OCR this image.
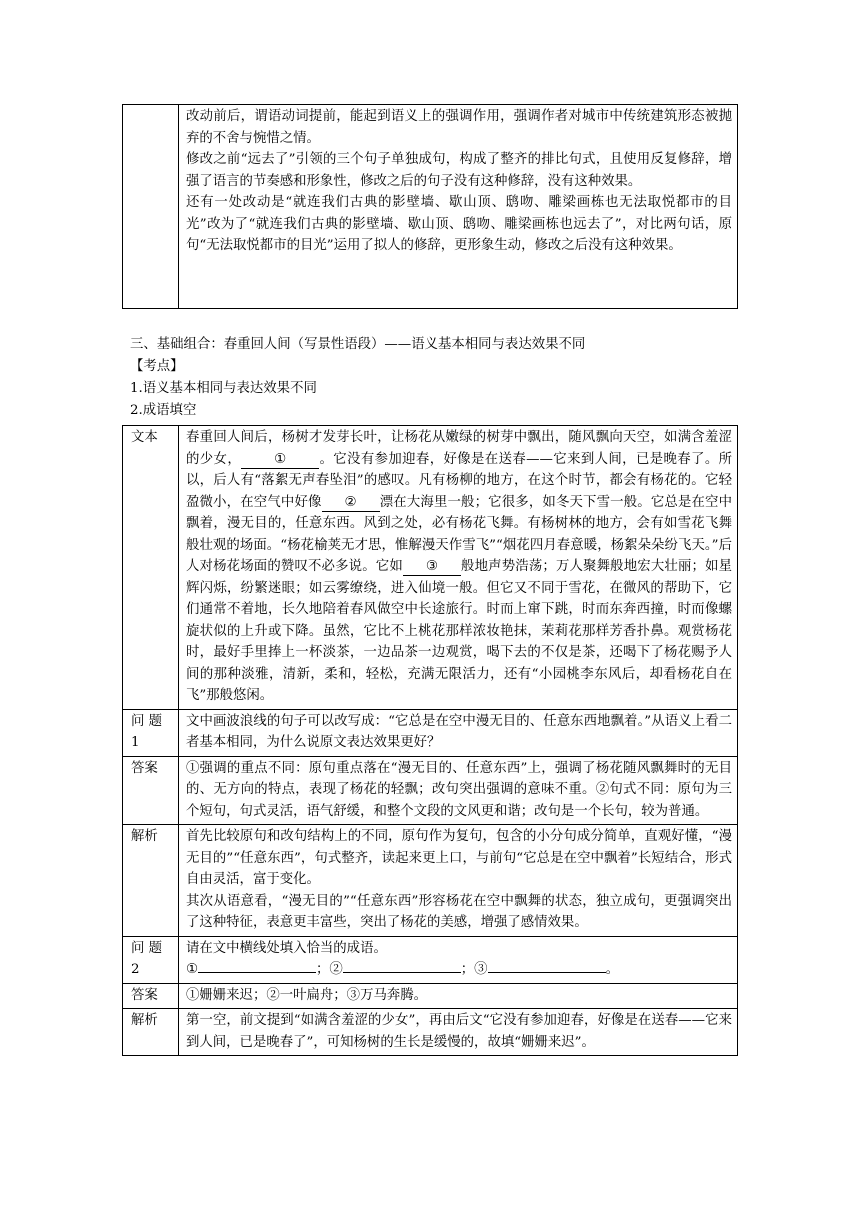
改动前后，谓语动词提前，能起到语义上的强调作用，强调作者对城市中传统建筑形态被抛弃的不舍与惋惜之情。
修改之前“远去了”引领的三个句子单独成句，构成了整齐的排比句式，且使用反复修辞，增强了语言的节奏感和形象性，修改之后的句子没有这种修辞，没有这种效果。
还有一处改动是“就连我们古典的影壁墙、歇山顶、鸱吻、雕梁画栋也无法取悦都市的目光”改为了“就连我们古典的影壁墙、歇山顶、鸱吻、雕梁画栋也远去了”，对比两句话，原句“无法取悦都市的目光”运用了拟人的修辞，更形象生动，修改之后没有这种效果。
三、基础组合：春重回人间（写景性语段）——语义基本相同与表达效果不同
【考点】
1.语义基本相同与表达效果不同
2.成语填空
文本	春重回人间后，杨树才发芽长叶，让杨花从嫩绿的树芽中飘出，随风飘向天空，如满含羞涩的少女， ① 。它没有参加迎春，好像是在送春——它来到人间，已是晚春了。所以，后人有“落絮无声春坠泪”的感叹。凡有杨柳的地方，在这个时节，都会有杨花的。它轻盈微小，在空气中好像 ② 漂在大海里一般；它很多，如冬天下雪一般。它总是在空中飘着，漫无目的，任意东西。风到之处，必有杨花飞舞。有杨树林的地方，会有如雪花飞舞般壮观的场面。“杨花榆荚无才思，惟解漫天作雪飞”“烟花四月春意暖，杨絮朵朵纷飞天。”后人对杨花场面的赞叹不必多说。它如 ③ 般地声势浩荡；万人聚舞般地宏大壮丽；如星辉闪烁，纷繁迷眼；如云雾缭绕，进入仙境一般。但它又不同于雪花，在微风的帮助下，它们通常不着地，长久地陪着春风做空中长途旅行。时而上窜下跳，时而东奔西撞，时而像螺旋状似的上升或下降。虽然，它比不上桃花那样浓妆艳抹，茉莉花那样芳香扑鼻。观赏杨花时，最好手里捧上一杯淡茶，一边品茶一边观赏，喝下去的不仅是茶，还喝下了杨花赐予人间的那种淡雅，清新，柔和，轻松，充满无限活力，还有“小园桃李东风后，却看杨花自在飞”那般悠闲。
问 题 1	文中画波浪线的句子可以改写成：“它总是在空中漫无目的、任意东西地飘着。”从语义上看二者基本相同，为什么说原文表达效果更好？
答案	①强调的重点不同：原句重点落在“漫无目的、任意东西”上，强调了杨花随风飘舞时的无目的、无方向的特点，表现了杨花的轻飘；改句突出强调的意味不重。②句式不同：原句为三个短句，句式灵活，语气舒缓，和整个文段的文风更和谐；改句是一个长句，较为普通。
解析	首先比较原句和改句结构上的不同，原句作为复句，包含的小分句成分简单，直观好懂，“漫无目的”“任意东西”，句式整齐，读起来更上口，与前句“它总是在空中飘着”长短结合，形式自由灵活，富于变化。
其次从语意看，“漫无目的”“任意东西”形容杨花在空中飘舞的状态，独立成句，更强调突出了这种特征，表意更丰富些，突出了杨花的美感，增强了感情效果。

问 题 2	请在文中横线处填入恰当的成语。
① ；② ；③ 。

答案	①姗姗来迟；②一叶扁舟；③万马奔腾。
解析	第一空，前文提到“如满含羞涩的少女”，再由后文“它没有参加迎春，好像是在送春——它来到人间，已是晚春了”，可知杨树的生长是缓慢的，故填“姗姗来迟”。
